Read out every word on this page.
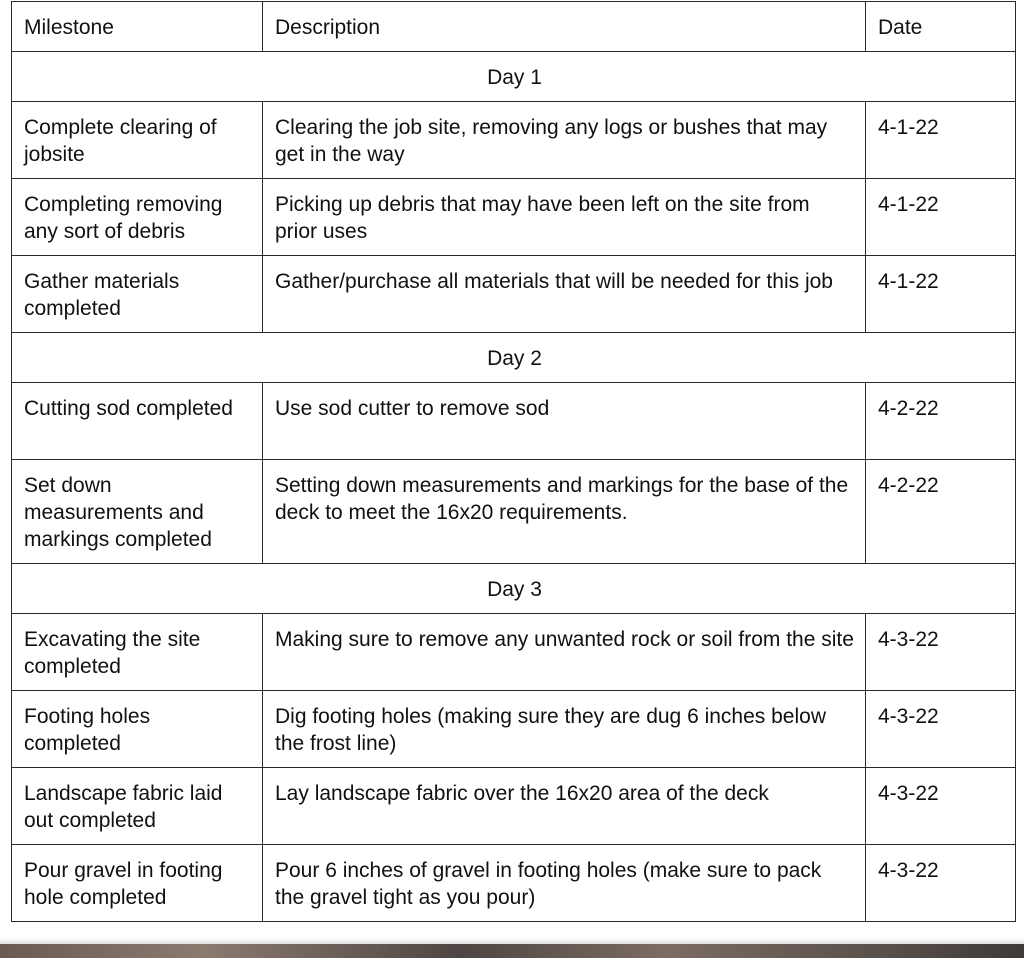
Milestone	Description	Date
Day 1		
Complete clearing of jobsite	Clearing the job site, removing any logs or bushes that may get in the way	4-1-22
Completing removing any sort of debris	Picking up debris that may have been left on the site from prior uses	4-1-22
Gather materials completed	Gather/purchase all materials that will be needed for this job	4-1-22
Day 2		
Cutting sod completed	Use sod cutter to remove sod	4-2-22
Set down measurements and markings completed	Setting down measurements and markings for the base of the deck to meet the 16x20 requirements.	4-2-22
Day 3		
Excavating the site completed	Making sure to remove any unwanted rock or soil from the site	4-3-22
Footing holes completed	Dig footing holes (making sure they are dug 6 inches below the frost line)	4-3-22
Landscape fabric laid out completed	Lay landscape fabric over the 16x20 area of the deck	4-3-22
Pour gravel in footing hole completed	Pour 6 inches of gravel in footing holes (make sure to pack the gravel tight as you pour)	4-3-22
